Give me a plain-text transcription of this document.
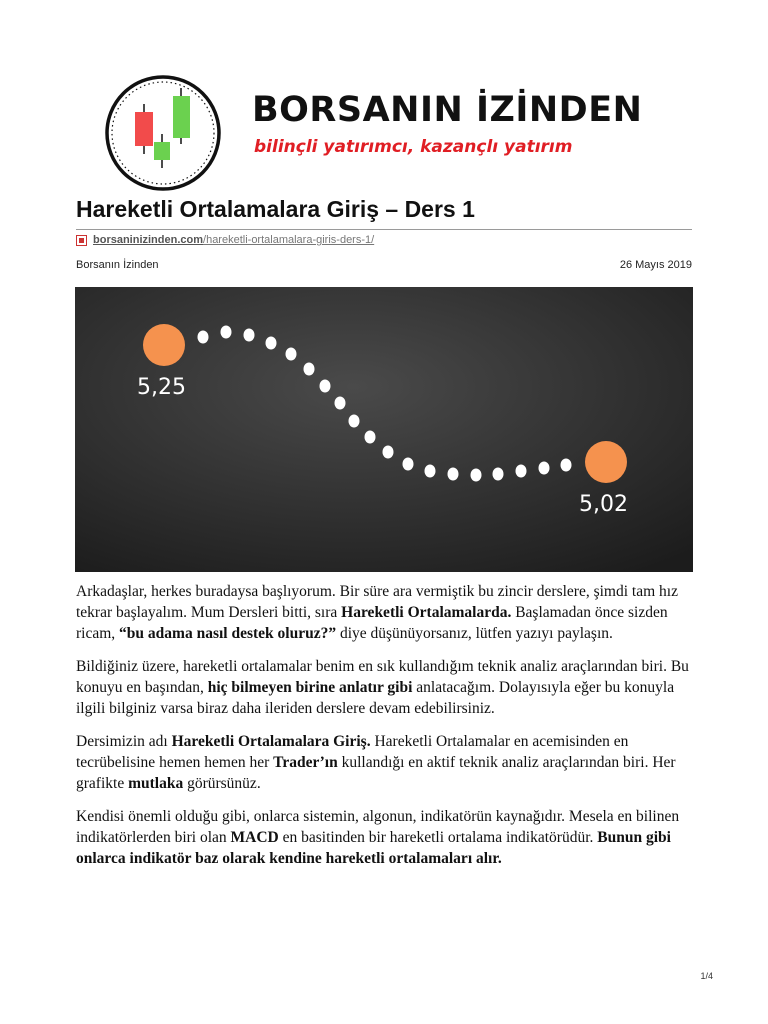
BORSANIN İZİNDEN
bilinçli yatırımcı, kazançlı yatırım
Hareketli Ortalamalara Giriş – Ders 1
borsaninizinden.com /hareketli-ortalamalara-giris-ders-1/
Borsanın İzinden	26 Mayıs 2019
5,25
5,02

Arkadaşlar, herkes buradaysa başlıyorum. Bir süre ara vermiştik bu zincir derslere, şimdi tam hız tekrar başlayalım. Mum Dersleri bitti, sıra Hareketli Ortalamalarda. Başlamadan önce sizden ricam, “bu adama nasıl destek oluruz?” diye düşünüyorsanız, lütfen yazıyı paylaşın.

Bildiğiniz üzere, hareketli ortalamalar benim en sık kullandığım teknik analiz araçlarından biri. Bu konuyu en başından, hiç bilmeyen birine anlatır gibi anlatacağım. Dolayısıyla eğer bu konuyla ilgili bilginiz varsa biraz daha ileriden derslere devam edebilirsiniz.

Dersimizin adı Hareketli Ortalamalara Giriş. Hareketli Ortalamalar en acemisinden en tecrübelisine hemen hemen her Trader’ın kullandığı en aktif teknik analiz araçlarından biri. Her grafikte mutlaka görürsünüz.

Kendisi önemli olduğu gibi, onlarca sistemin, algonun, indikatörün kaynağıdır. Mesela en bilinen indikatörlerden biri olan MACD en basitinden bir hareketli ortalama indikatörüdür. Bunun gibi onlarca indikatör baz olarak kendine hareketli ortalamaları alır.

1/4
